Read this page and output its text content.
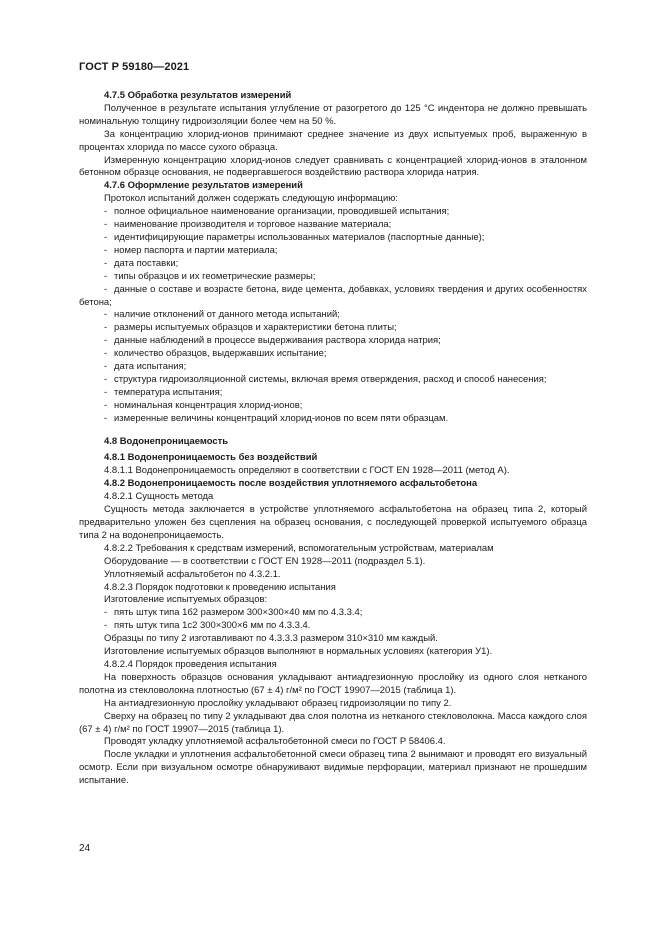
ГОСТ Р 59180—2021
4.7.5 Обработка результатов измерений
Полученное в результате испытания углубление от разогретого до 125 °C индентора не должно превышать номинальную толщину гидроизоляции более чем на 50 %.
За концентрацию хлорид-ионов принимают среднее значение из двух испытуемых проб, выраженную в процентах хлорида по массе сухого образца.
Измеренную концентрацию хлорид-ионов следует сравнивать с концентрацией хлорид-ионов в эталонном бетонном образце основания, не подвергавшегося воздействию раствора хлорида натрия.
4.7.6 Оформление результатов измерений
Протокол испытаний должен содержать следующую информацию:
- полное официальное наименование организации, проводившей испытания;
- наименование производителя и торговое название материала;
- идентифицирующие параметры использованных материалов (паспортные данные);
- номер паспорта и партии материала;
- дата поставки;
- типы образцов и их геометрические размеры;
- данные о составе и возрасте бетона, виде цемента, добавках, условиях твердения и других особенностях бетона;
- наличие отклонений от данного метода испытаний;
- размеры испытуемых образцов и характеристики бетона плиты;
- данные наблюдений в процессе выдерживания раствора хлорида натрия;
- количество образцов, выдержавших испытание;
- дата испытания;
- структура гидроизоляционной системы, включая время отверждения, расход и способ нанесения;
- температура испытания;
- номинальная концентрация хлорид-ионов;
- измеренные величины концентраций хлорид-ионов по всем пяти образцам.
4.8 Водонепроницаемость
4.8.1 Водонепроницаемость без воздействий
4.8.1.1 Водонепроницаемость определяют в соответствии с ГОСТ EN 1928—2011 (метод А).
4.8.2 Водонепроницаемость после воздействия уплотняемого асфальтобетона
4.8.2.1 Сущность метода
Сущность метода заключается в устройстве уплотняемого асфальтобетона на образец типа 2, который предварительно уложен без сцепления на образец основания, с последующей проверкой испытуемого образца типа 2 на водонепроницаемость.
4.8.2.2 Требования к средствам измерений, вспомогательным устройствам, материалам
Оборудование — в соответствии с ГОСТ EN 1928—2011 (подраздел 5.1).
Уплотняемый асфальтобетон по 4.3.2.1.
4.8.2.3 Порядок подготовки к проведению испытания
Изготовление испытуемых образцов:
- пять штук типа 1б2 размером 300×300×40 мм по 4.3.3.4;
- пять штук типа 1с2 300×300×6 мм по 4.3.3.4.
Образцы по типу 2 изготавливают по 4.3.3.3 размером 310×310 мм каждый.
Изготовление испытуемых образцов выполняют в нормальных условиях (категория У1).
4.8.2.4 Порядок проведения испытания
На поверхность образцов основания укладывают антиадгезионную прослойку из одного слоя нетканого полотна из стекловолокна плотностью (67 ± 4) г/м² по ГОСТ 19907—2015 (таблица 1).
На антиадгезионную прослойку укладывают образец гидроизоляции по типу 2.
Сверху на образец по типу 2 укладывают два слоя полотна из нетканого стекловолокна. Масса каждого слоя (67 ± 4) г/м² по ГОСТ 19907—2015 (таблица 1).
Проводят укладку уплотняемой асфальтобетонной смеси по ГОСТ Р 58406.4.
После укладки и уплотнения асфальтобетонной смеси образец типа 2 вынимают и проводят его визуальный осмотр. Если при визуальном осмотре обнаруживают видимые перфорации, материал признают не прошедшим испытание.
24
